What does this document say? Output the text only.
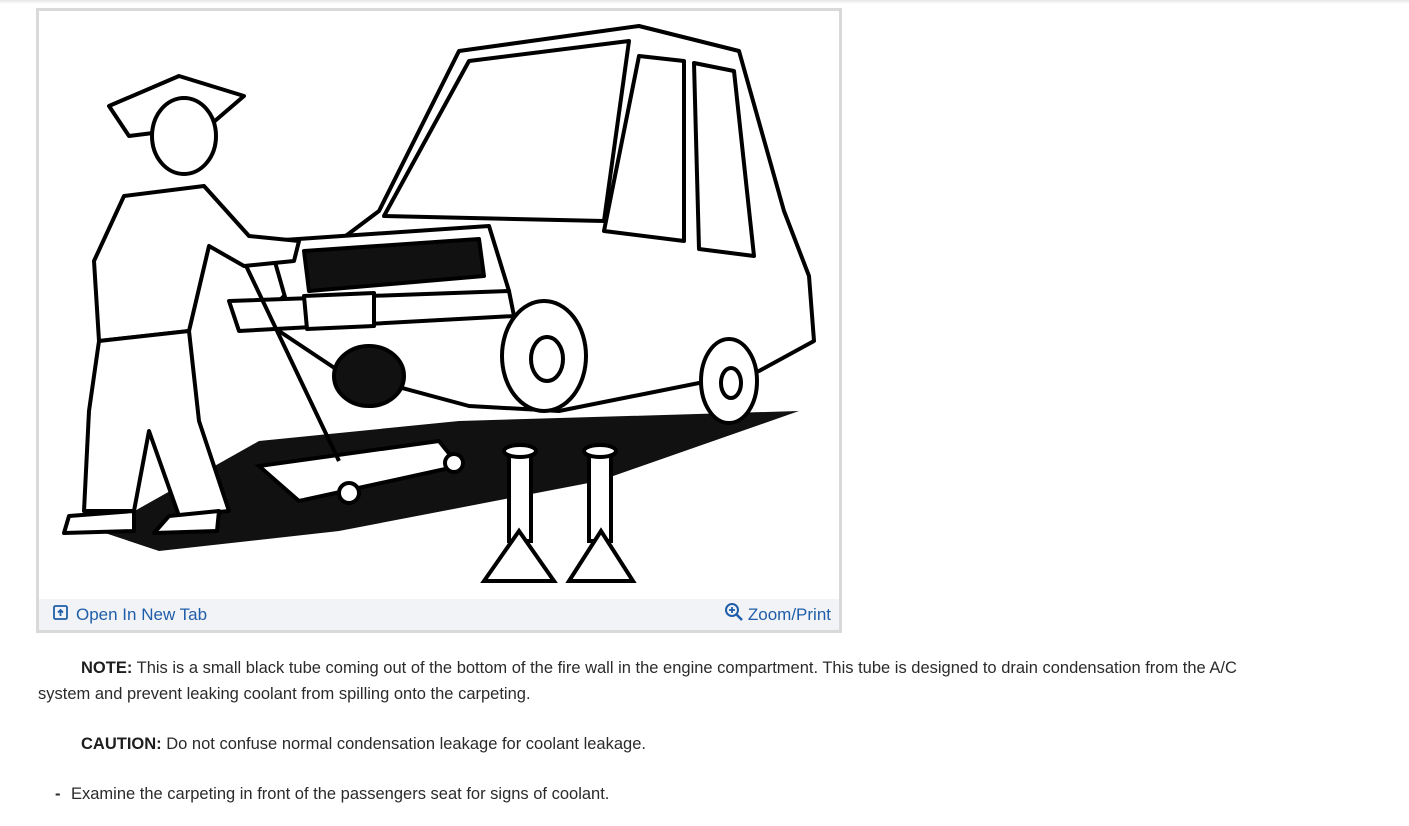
Open In New Tab	Zoom/Print

NOTE: This is a small black tube coming out of the bottom of the fire wall in the engine compartment. This tube is designed to drain condensation from the A/C system and prevent leaking coolant from spilling onto the carpeting.

CAUTION: Do not confuse normal condensation leakage for coolant leakage.

- Examine the carpeting in front of the passengers seat for signs of coolant.
